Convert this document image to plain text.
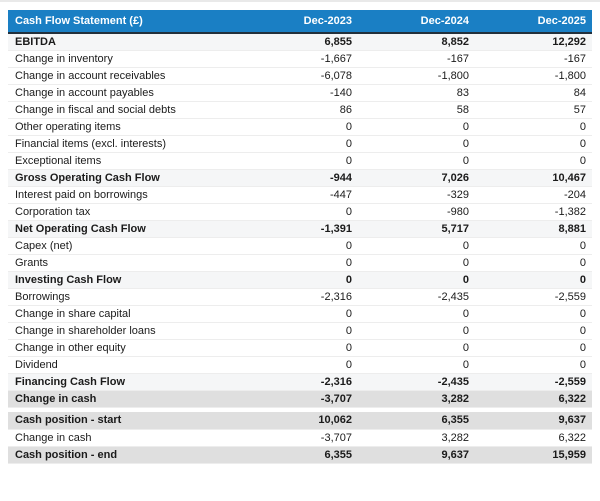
Cash Flow Statement (£)	Dec-2023	Dec-2024	Dec-2025
EBITDA	6,855	8,852	12,292
Change in inventory	-1,667	-167	-167
Change in account receivables	-6,078	-1,800	-1,800
Change in account payables	-140	83	84
Change in fiscal and social debts	86	58	57
Other operating items	0	0	0
Financial items (excl. interests)	0	0	0
Exceptional items	0	0	0
Gross Operating Cash Flow	-944	7,026	10,467
Interest paid on borrowings	-447	-329	-204
Corporation tax	0	-980	-1,382
Net Operating Cash Flow	-1,391	5,717	8,881
Capex (net)	0	0	0
Grants	0	0	0
Investing Cash Flow	0	0	0
Borrowings	-2,316	-2,435	-2,559
Change in share capital	0	0	0
Change in shareholder loans	0	0	0
Change in other equity	0	0	0
Dividend	0	0	0
Financing Cash Flow	-2,316	-2,435	-2,559
Change in cash	-3,707	3,282	6,322

Cash position - start	10,062	6,355	9,637
Change in cash	-3,707	3,282	6,322
Cash position - end	6,355	9,637	15,959
